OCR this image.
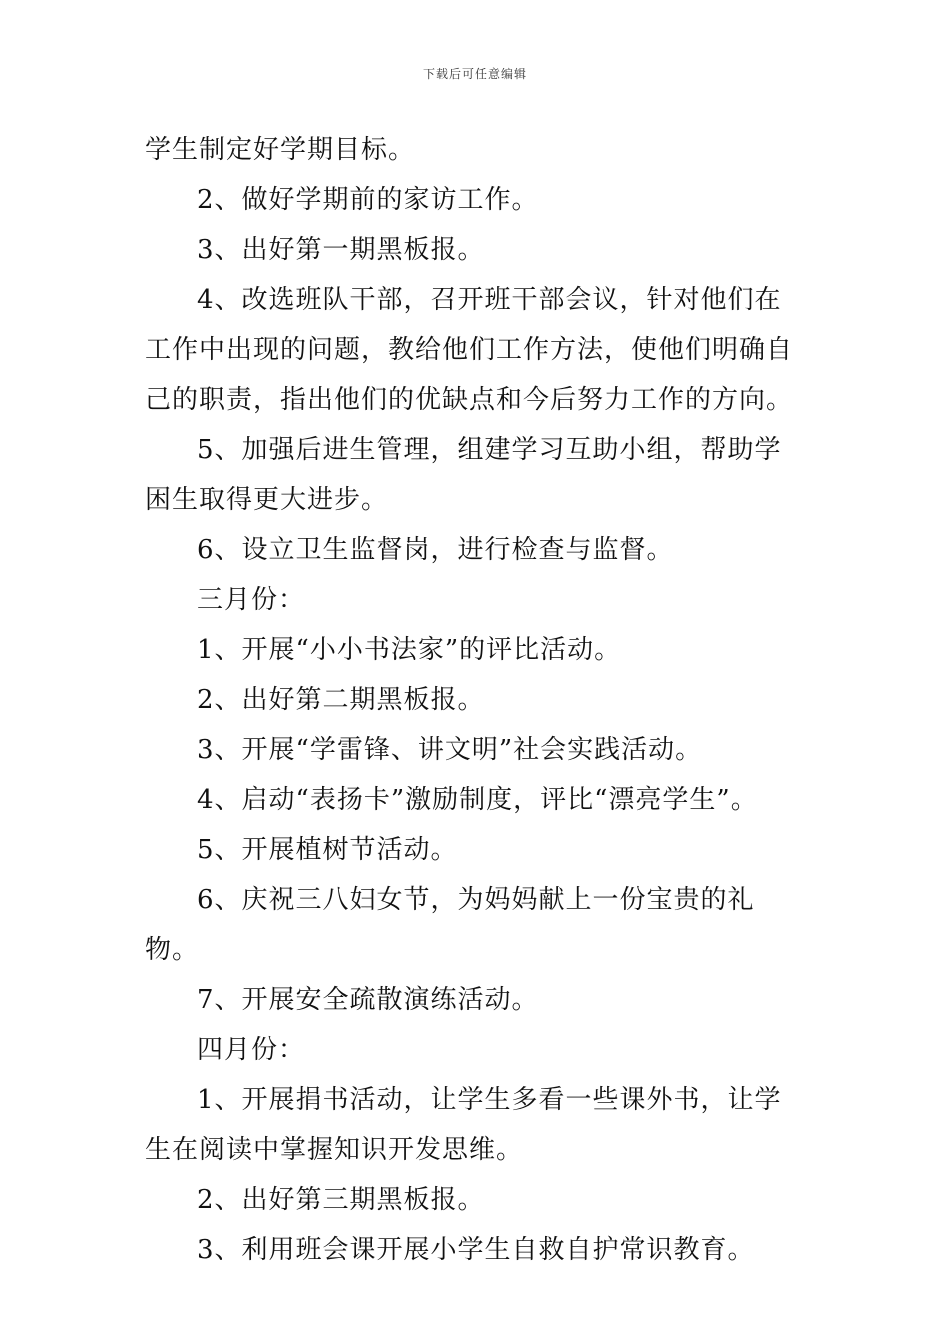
下载后可任意编辑

学生制定好学期目标。

2、做好学期前的家访工作。

3、出好第一期黑板报。

4、改选班队干部，召开班干部会议，针对他们在工作中出现的问题，教给他们工作方法，使他们明确自己的职责，指出他们的优缺点和今后努力工作的方向。

5、加强后进生管理，组建学习互助小组，帮助学困生取得更大进步。

6、设立卫生监督岗，进行检查与监督。

三月份：

1、开展“小小书法家”的评比活动。

2、出好第二期黑板报。

3、开展“学雷锋、讲文明”社会实践活动。

4、启动“表扬卡”激励制度，评比“漂亮学生”。

5、开展植树节活动。

6、庆祝三八妇女节，为妈妈献上一份宝贵的礼物。

7、开展安全疏散演练活动。

四月份：

1、开展捐书活动，让学生多看一些课外书，让学生在阅读中掌握知识开发思维。

2、出好第三期黑板报。

3、利用班会课开展小学生自救自护常识教育。
